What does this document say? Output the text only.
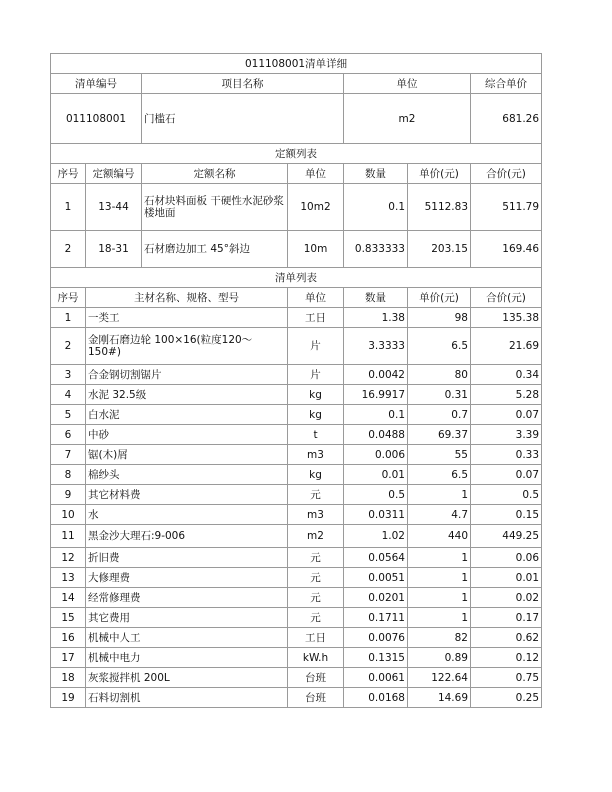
011108001清单详细						
清单编号		项目名称		单位		综合单价
011108001		门槛石		m2		681.26
定额列表						
序号	定额编号	定额名称	单位	数量	单价(元)	合价(元)
1	13-44	石材块料面板 干硬性水泥砂浆 楼地面	10m2	0.1	5112.83	511.79
2	18-31	石材磨边加工 45°斜边	10m	0.833333	203.15	169.46
清单列表						
序号	主材名称、规格、型号		单位	数量	单价(元)	合价(元)
1	一类工		工日	1.38	98	135.38
2	金刚石磨边轮 100×16(粒度120～150#)		片	3.3333	6.5	21.69
3	合金钢切割锯片		片	0.0042	80	0.34
4	水泥 32.5级		kg	16.9917	0.31	5.28
5	白水泥		kg	0.1	0.7	0.07
6	中砂		t	0.0488	69.37	3.39
7	锯(木)屑		m3	0.006	55	0.33
8	棉纱头		kg	0.01	6.5	0.07
9	其它材料费		元	0.5	1	0.5
10	水		m3	0.0311	4.7	0.15
11	黑金沙大理石:9-006		m2	1.02	440	449.25
12	折旧费		元	0.0564	1	0.06
13	大修理费		元	0.0051	1	0.01
14	经常修理费		元	0.0201	1	0.02
15	其它费用		元	0.1711	1	0.17
16	机械中人工		工日	0.0076	82	0.62
17	机械中电力		kW.h	0.1315	0.89	0.12
18	灰浆搅拌机 200L		台班	0.0061	122.64	0.75
19	石料切割机		台班	0.0168	14.69	0.25
